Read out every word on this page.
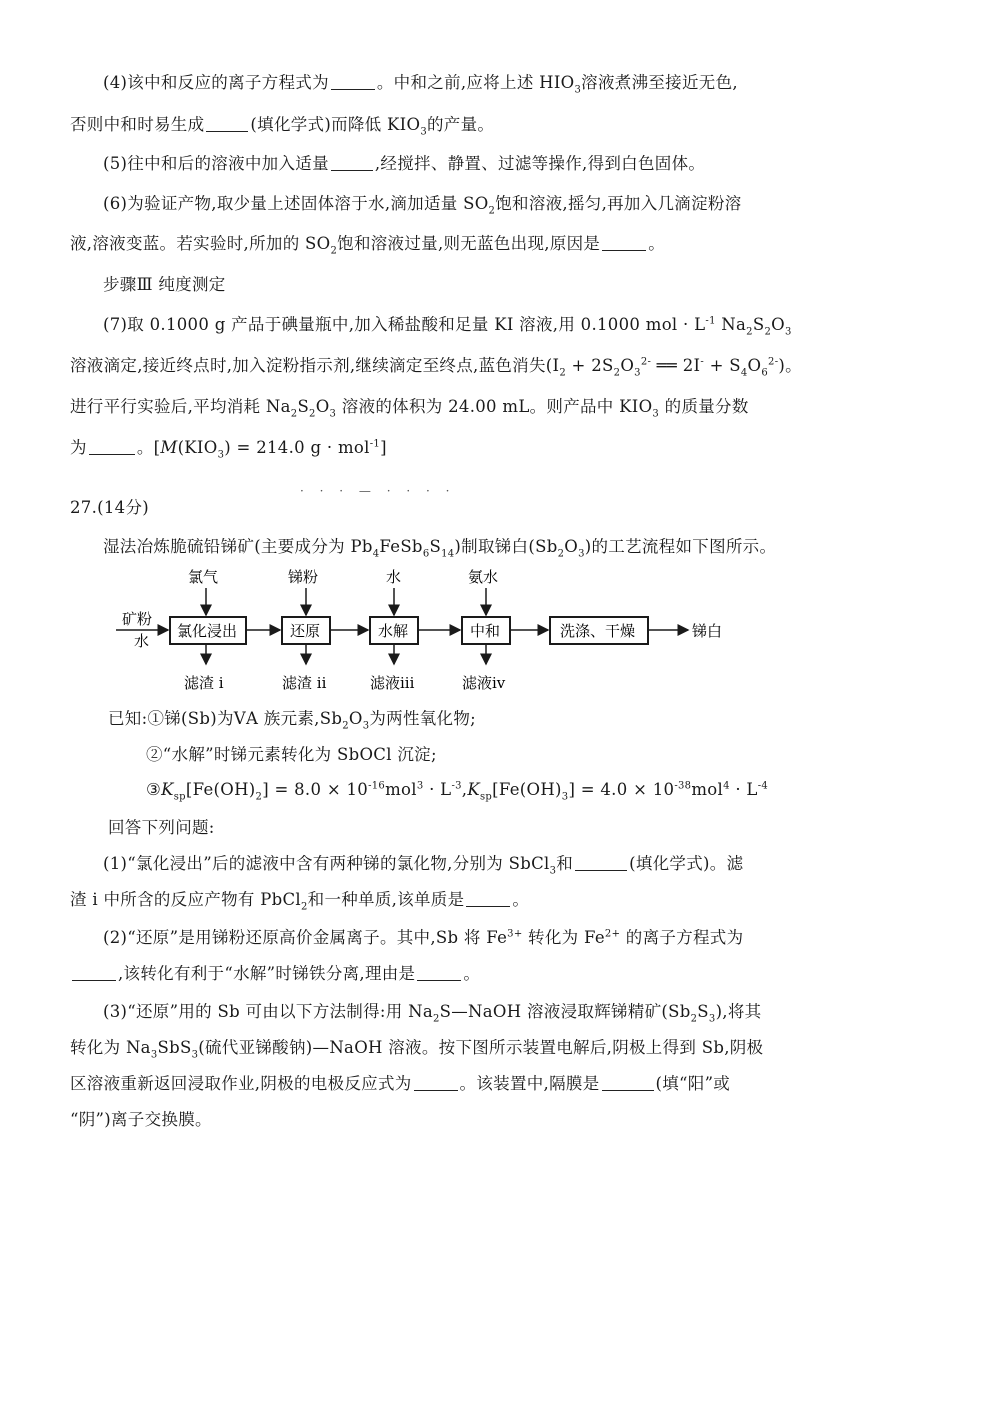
(4)该中和反应的离子方程式为	。中和之前,应将上述 $HIO_3$溶液煮沸至接近无色,
否则中和时易生成	(填化学式)而降低 $KIO_3$的产量。
(5)往中和后的溶液中加入适量	,经搅拌、静置、过滤等操作,得到白色固体。
(6)为验证产物,取少量上述固体溶于水,滴加适量 $SO_2$饱和溶液,摇匀,再加入几滴淀粉溶
液,溶液变蓝。若实验时,所加的 $SO_2$饱和溶液过量,则无蓝色出现,原因是	。
步骤Ⅲ 纯度测定
(7)取 0.1000 g 产品于碘量瓶中,加入稀盐酸和足量 KI 溶液,用 0.1000 mol · $L^{-1}$ $Na_2S_2O_3$
溶液滴定,接近终点时,加入淀粉指示剂,继续滴定至终点,蓝色消失($I_2 + 2S_2O_3^{2-}$ ══ $2I^- + S_4O_6^{2-}$)。
进行平行实验后,平均消耗 $Na_2S_2O_3$ 溶液的体积为 24.00 mL。则产品中 $KIO_3$ 的质量分数
为	。[$M(KIO_3) = 214.0$ g · mol$^{-1}$]
· · · — · · · ·
27.(14分)
湿法冶炼脆硫铅锑矿(主要成分为 $Pb_4FeSb_6S_{14}$)制取锑白$(Sb_2O_3)$的工艺流程如下图所示。
矿粉
水
氯化浸出	还原	水解	中和	洗涤、干燥	锑白
氯气	锑粉	水	氨水
滤渣 i	滤渣 ii	滤液iii	滤液iv
已知:①锑(Sb)为ⅤA 族元素$,Sb_2O_3$为两性氧化物;
②“水解”时锑元素转化为 SbOCl 沉淀;
$③K_{sp}[Fe(OH)_2] = 8.0 \times 10^{-16}mol^3 \cdot L^{-3},K_{sp}[Fe(OH)_3] = 4.0 \times 10^{-38}mol^4 \cdot L^{-4}$
回答下列问题:
(1)“氯化浸出”后的滤液中含有两种锑的氯化物,分别为 SbCl$_3$和	(填化学式)。滤
渣 i 中所含的反应产物有 PbCl$_2$和一种单质,该单质是	。
(2)“还原”是用锑粉还原高价金属离子。其中,Sb 将 $Fe^{3+}$ 转化为 $Fe^{2+}$ 的离子方程式为
,该转化有利于“水解”时锑铁分离,理由是	。
(3)“还原”用的 Sb 可由以下方法制得:用 $Na_2S—NaOH$ 溶液浸取辉锑精矿$(Sb_2S_3)$,将其
转化为 $Na_3SbS_3$(硫代亚锑酸钠)—NaOH 溶液。按下图所示装置电解后,阴极上得到 Sb,阴极
区溶液重新返回浸取作业,阴极的电极反应式为	。该装置中,隔膜是	(填“阳”或
“阴”)离子交换膜。
